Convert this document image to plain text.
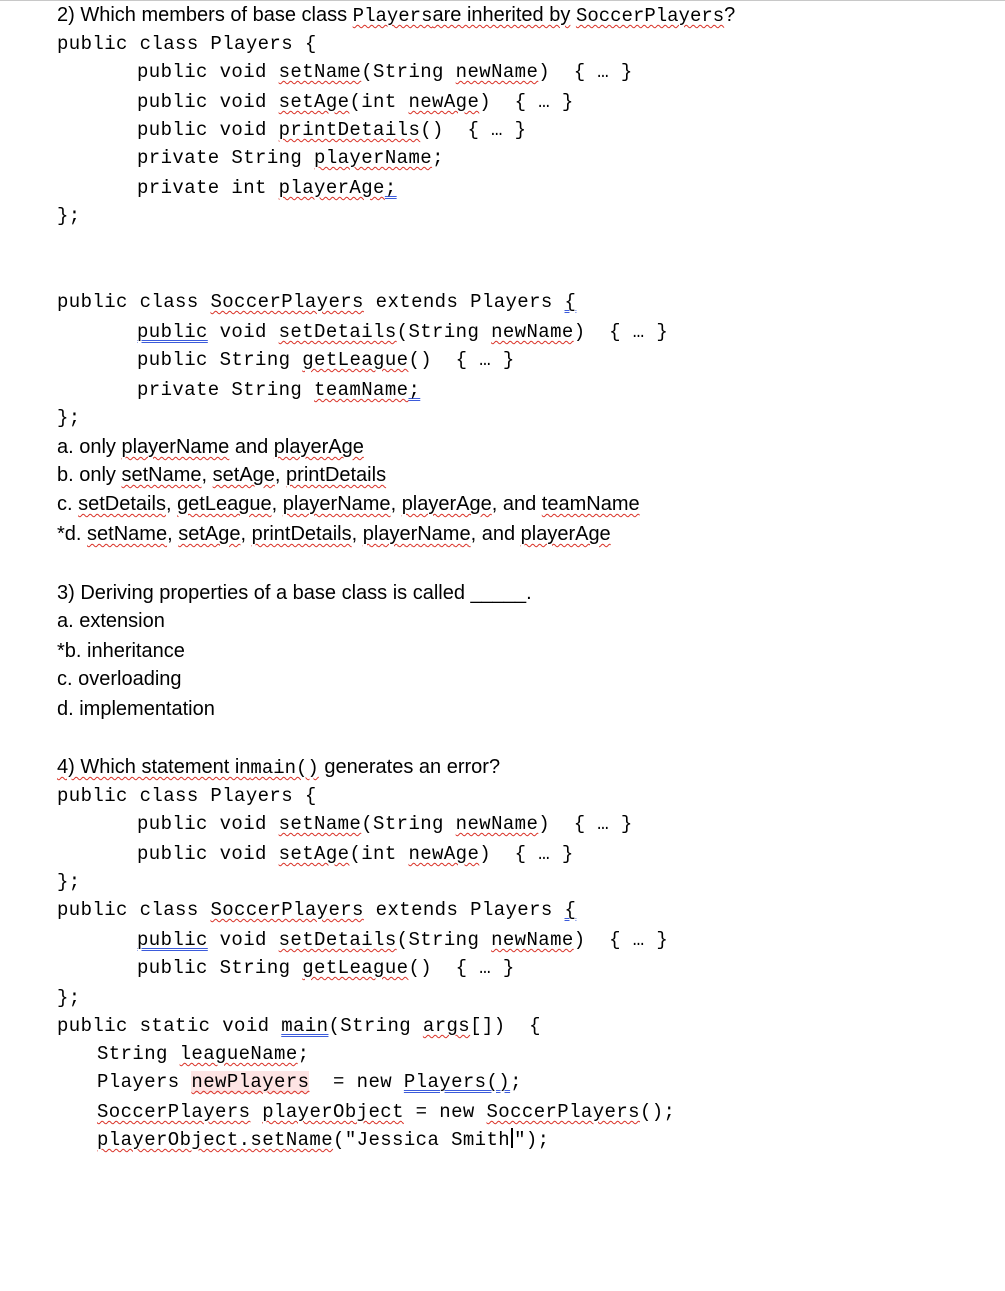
2) Which members of base class Playersare inherited by SoccerPlayers?
public class Players {
public void setName(String newName)  { … }
public void setAge(int newAge)  { … }
public void printDetails()  { … }
private String playerName;
private int playerAge;
};
public class SoccerPlayers extends Players {
public void setDetails(String newName)  { … }
public String getLeague()  { … }
private String teamName;
};
a. only playerName and playerAge
b. only setName, setAge, printDetails
c. setDetails, getLeague, playerName, playerAge, and teamName
*d. setName, setAge, printDetails, playerName, and playerAge
3) Deriving properties of a base class is called _____.
a. extension
*b. inheritance
c. overloading
d. implementation
4) Which statement inmain() generates an error?
public class Players {
public void setName(String newName)  { … }
public void setAge(int newAge)  { … }
};
public class SoccerPlayers extends Players {
public void setDetails(String newName)  { … }
public String getLeague()  { … }
};
public static void main(String args[])  {
String leagueName;
Players newPlayers  = new Players();
SoccerPlayers playerObject = new SoccerPlayers();
playerObject.setName("Jessica Smith ");
